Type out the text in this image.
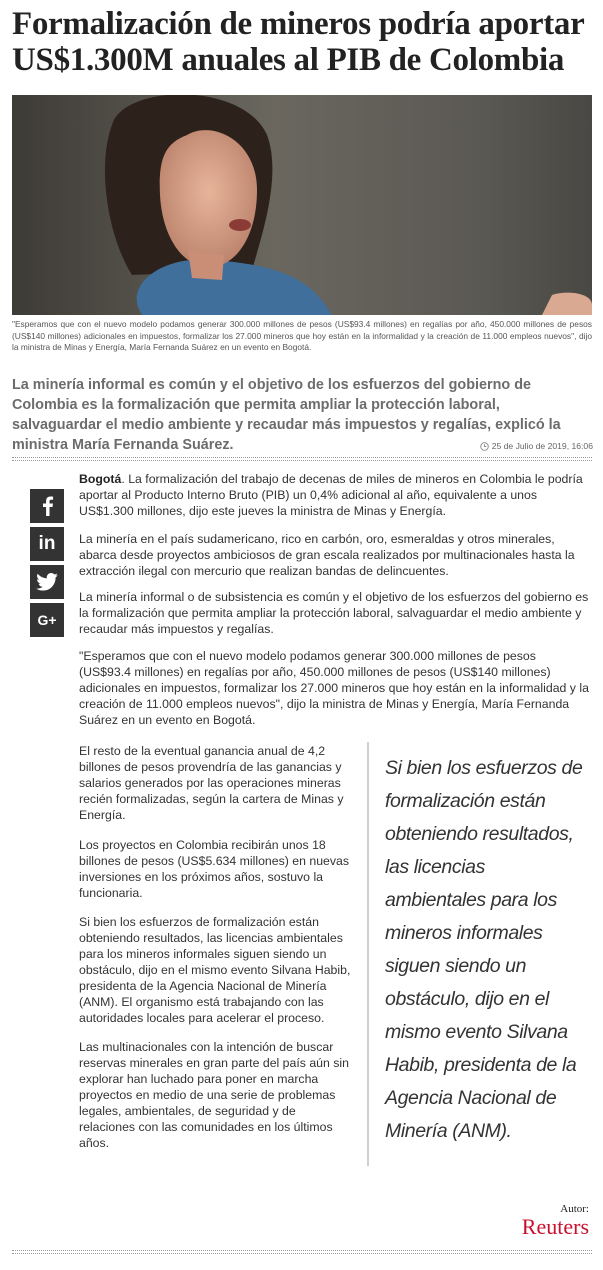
Formalización de mineros podría aportar US$1.300M anuales al PIB de Colombia

"Esperamos que con el nuevo modelo podamos generar 300.000 millones de pesos (US$93.4 millones) en regalías por año, 450.000 millones de pesos (US$140 millones) adicionales en impuestos, formalizar los 27.000 mineros que hoy están en la informalidad y la creación de 11.000 empleos nuevos", dijo la ministra de Minas y Energía, María Fernanda Suárez en un evento en Bogotá.

La minería informal es común y el objetivo de los esfuerzos del gobierno de Colombia es la formalización que permita ampliar la protección laboral, salvaguardar el medio ambiente y recaudar más impuestos y regalías, explicó la ministra María Fernanda Suárez.	25 de Julio de 2019, 16:06
in
G+

Bogotá. La formalización del trabajo de decenas de miles de mineros en Colombia le podría aportar al Producto Interno Bruto (PIB) un 0,4% adicional al año, equivalente a unos US$1.300 millones, dijo este jueves la ministra de Minas y Energía.

La minería en el país sudamericano, rico en carbón, oro, esmeraldas y otros minerales, abarca desde proyectos ambiciosos de gran escala realizados por multinacionales hasta la extracción ilegal con mercurio que realizan bandas de delincuentes.

La minería informal o de subsistencia es común y el objetivo de los esfuerzos del gobierno es la formalización que permita ampliar la protección laboral, salvaguardar el medio ambiente y recaudar más impuestos y regalías.

"Esperamos que con el nuevo modelo podamos generar 300.000 millones de pesos (US$93.4 millones) en regalías por año, 450.000 millones de pesos (US$140 millones) adicionales en impuestos, formalizar los 27.000 mineros que hoy están en la informalidad y la creación de 11.000 empleos nuevos", dijo la ministra de Minas y Energía, María Fernanda Suárez en un evento en Bogotá.

El resto de la eventual ganancia anual de 4,2 billones de pesos provendría de las ganancias y salarios generados por las operaciones mineras recién formalizadas, según la cartera de Minas y Energía.

Los proyectos en Colombia recibirán unos 18 billones de pesos (US$5.634 millones) en nuevas inversiones en los próximos años, sostuvo la funcionaria.

Si bien los esfuerzos de formalización están obteniendo resultados, las licencias ambientales para los mineros informales siguen siendo un obstáculo, dijo en el mismo evento Silvana Habib, presidenta de la Agencia Nacional de Minería (ANM). El organismo está trabajando con las autoridades locales para acelerar el proceso.

Las multinacionales con la intención de buscar reservas minerales en gran parte del país aún sin explorar han luchado para poner en marcha proyectos en medio de una serie de problemas legales, ambientales, de seguridad y de relaciones con las comunidades en los últimos años.

Si bien los esfuerzos de formalización están obteniendo resultados, las licencias ambientales para los mineros informales siguen siendo un obstáculo, dijo en el mismo evento Silvana Habib, presidenta de la Agencia Nacional de Minería (ANM).
Autor:
Reuters
